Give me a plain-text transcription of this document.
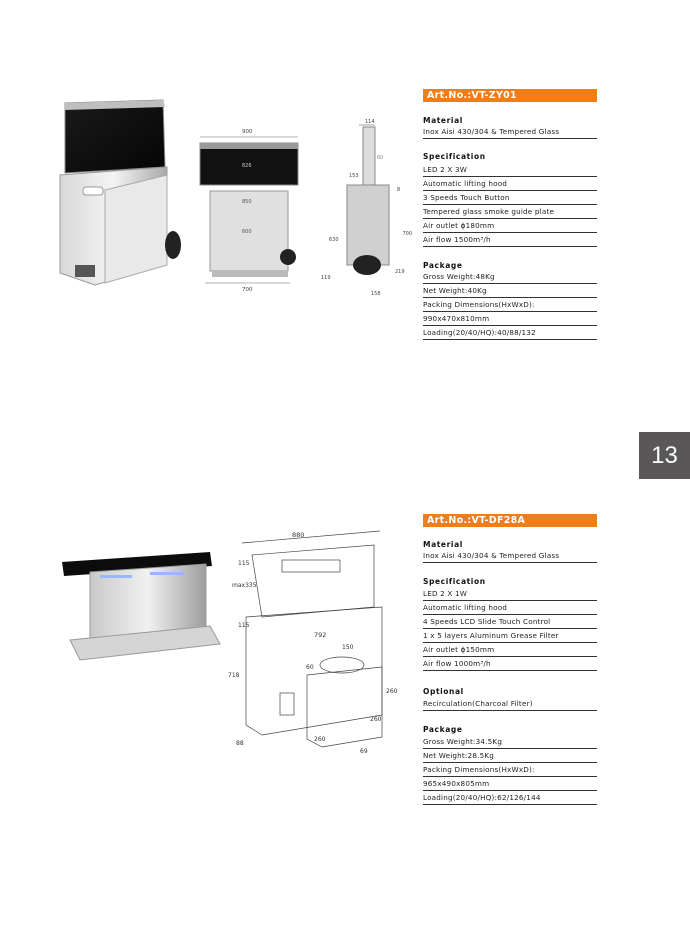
900
826
850
600
700
114
60
153
8
630
700
119
219
158
Art.No.:VT-ZY01
Material
Inox Aisi 430/304 & Tempered Glass
Specification
LED 2 X 3W
Automatic lifting hood
3 Speeds Touch Button
Tempered glass smoke guide plate
Air outlet ϕ180mm
Air flow 1500m³/h
Package
Gross Weight:48Kg
Net Weight:40Kg
Packing Dimensions(HxWxD):
990x470x810mm
Loading(20/40/HQ):40/88/132
13
880
115
max335
115
792
150
60
718
260
260
260
88
69
Art.No.:VT-DF28A
Material
Inox Aisi 430/304 & Tempered Glass
Specification
LED 2 X 1W
Automatic lifting hood
4 Speeds LCD Slide Touch Control
1 x 5 layers Aluminum Grease Filter
Air outlet ϕ150mm
Air flow 1000m³/h
Optional
Recirculation(Charcoal Filter)
Package
Gross Weight:34.5Kg
Net Weight:28.5Kg
Packing Dimensions(HxWxD):
965x490x805mm
Loading(20/40/HQ):62/126/144
